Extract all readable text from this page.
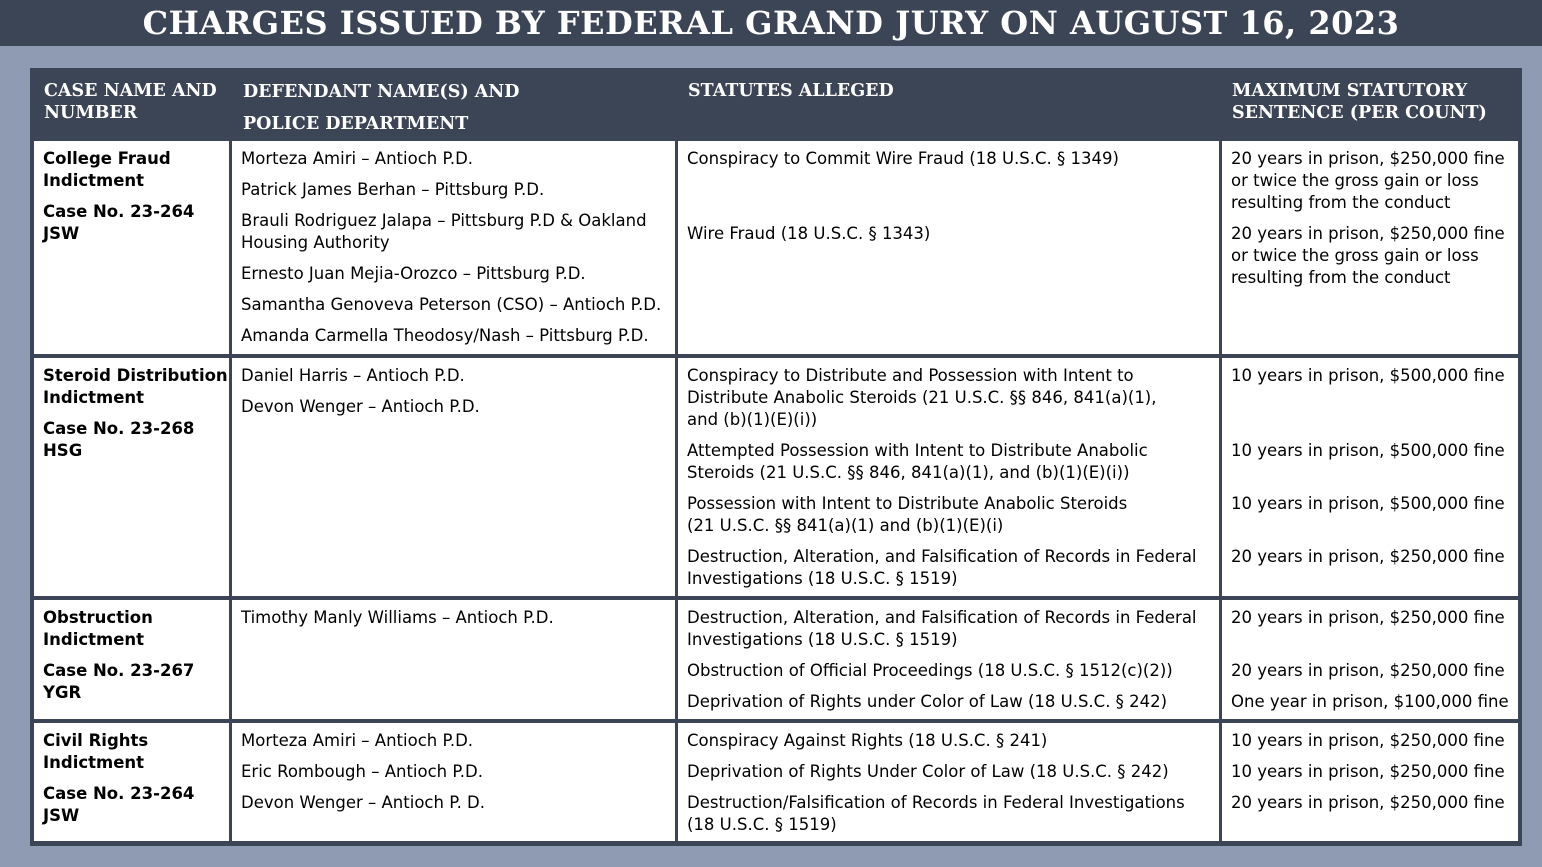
CHARGES ISSUED BY FEDERAL GRAND JURY ON AUGUST 16, 2023
CASE NAME AND NUMBER
DEFENDANT NAME(S) AND POLICE DEPARTMENT
STATUTES ALLEGED	MAXIMUM STATUTORY SENTENCE (PER COUNT)
College Fraud Indictment
Case No. 23-264 JSW

Morteza Amiri – Antioch P.D.

Patrick James Berhan – Pittsburg P.D.

Brauli Rodriguez Jalapa – Pittsburg P.D & Oakland Housing Authority

Ernesto Juan Mejia-Orozco – Pittsburg P.D.

Samantha Genoveva Peterson (CSO) – Antioch P.D.

Amanda Carmella Theodosy/Nash – Pittsburg P.D.

Conspiracy to Commit Wire Fraud (18 U.S.C. § 1349)
Wire Fraud (18 U.S.C. § 1343)
20 years in prison, $250,000 fine or twice the gross gain or loss resulting from the conduct
20 years in prison, $250,000 fine or twice the gross gain or loss resulting from the conduct
Steroid Distribution Indictment
Case No. 23-268 HSG

Daniel Harris – Antioch P.D.

Devon Wenger – Antioch P.D.

Conspiracy to Distribute and Possession with Intent to Distribute Anabolic Steroids (21 U.S.C. §§ 846, 841(a)(1), and (b)(1)(E)(i))
Attempted Possession with Intent to Distribute Anabolic Steroids (21 U.S.C. §§ 846, 841(a)(1), and (b)(1)(E)(i))
Possession with Intent to Distribute Anabolic Steroids (21 U.S.C. §§ 841(a)(1) and (b)(1)(E)(i)
Destruction, Alteration, and Falsification of Records in Federal Investigations (18 U.S.C. § 1519)
10 years in prison, $500,000 fine
10 years in prison, $500,000 fine
10 years in prison, $500,000 fine
20 years in prison, $250,000 fine
Obstruction Indictment
Case No. 23-267 YGR

Timothy Manly Williams – Antioch P.D.	Destruction, Alteration, and Falsification of Records in Federal Investigations (18 U.S.C. § 1519)
Obstruction of Official Proceedings (18 U.S.C. § 1512(c)(2))
Deprivation of Rights under Color of Law (18 U.S.C. § 242)
20 years in prison, $250,000 fine
20 years in prison, $250,000 fine
One year in prison, $100,000 fine
Civil Rights Indictment
Case No. 23-264 JSW

Morteza Amiri – Antioch P.D.

Eric Rombough – Antioch P.D.

Devon Wenger – Antioch P. D.

Conspiracy Against Rights (18 U.S.C. § 241)
Deprivation of Rights Under Color of Law (18 U.S.C. § 242)
Destruction/Falsification of Records in Federal Investigations (18 U.S.C. § 1519)
10 years in prison, $250,000 fine
10 years in prison, $250,000 fine
20 years in prison, $250,000 fine
